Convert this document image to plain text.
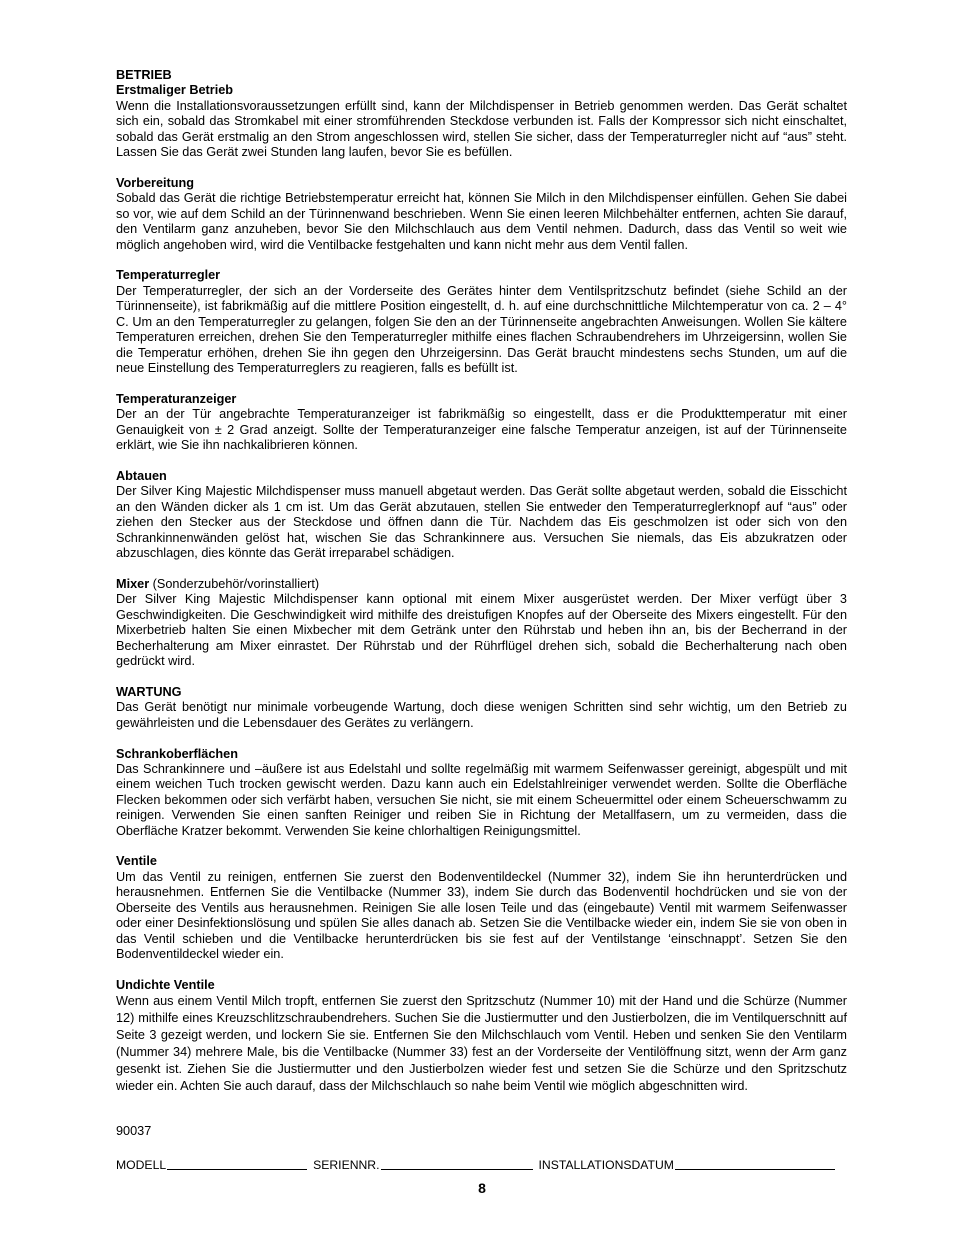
BETRIEB
Erstmaliger Betrieb

Wenn die Installationsvoraussetzungen erfüllt sind, kann der Milchdispenser in Betrieb genommen werden. Das Gerät schaltet sich ein, sobald das Stromkabel mit einer stromführenden Steckdose verbunden ist. Falls der Kompressor sich nicht einschaltet, sobald das Gerät erstmalig an den Strom angeschlossen wird, stellen Sie sicher, dass der Temperaturregler nicht auf “aus” steht. Lassen Sie das Gerät zwei Stunden lang laufen, bevor Sie es befüllen.

Vorbereitung

Sobald das Gerät die richtige Betriebstemperatur erreicht hat, können Sie Milch in den Milchdispenser einfüllen. Gehen Sie dabei so vor, wie auf dem Schild an der Türinnenwand beschrieben. Wenn Sie einen leeren Milchbehälter entfernen, achten Sie darauf, den Ventilarm ganz anzuheben, bevor Sie den Milchschlauch aus dem Ventil nehmen. Dadurch, dass das Ventil so weit wie möglich angehoben wird, wird die Ventilbacke festgehalten und kann nicht mehr aus dem Ventil fallen.

Temperaturregler

Der Temperaturregler, der sich an der Vorderseite des Gerätes hinter dem Ventilspritzschutz befindet (siehe Schild an der Türinnenseite), ist fabrikmäßig auf die mittlere Position eingestellt, d. h. auf eine durchschnittliche Milchtemperatur von ca. 2 – 4° C. Um an den Temperaturregler zu gelangen, folgen Sie den an der Türinnenseite angebrachten Anweisungen. Wollen Sie kältere Temperaturen erreichen, drehen Sie den Temperaturregler mithilfe eines flachen Schraubendrehers im Uhrzeigersinn, wollen Sie die Temperatur erhöhen, drehen Sie ihn gegen den Uhrzeigersinn. Das Gerät braucht mindestens sechs Stunden, um auf die neue Einstellung des Temperaturreglers zu reagieren, falls es befüllt ist.

Temperaturanzeiger

Der an der Tür angebrachte Temperaturanzeiger ist fabrikmäßig so eingestellt, dass er die Produkttemperatur mit einer Genauigkeit von ± 2 Grad anzeigt. Sollte der Temperaturanzeiger eine falsche Temperatur anzeigen, ist auf der Türinnenseite erklärt, wie Sie ihn nachkalibrieren können.

Abtauen

Der Silver King Majestic Milchdispenser muss manuell abgetaut werden. Das Gerät sollte abgetaut werden, sobald die Eisschicht an den Wänden dicker als 1 cm ist. Um das Gerät abzutauen, stellen Sie entweder den Temperaturreglerknopf auf “aus” oder ziehen den Stecker aus der Steckdose und öffnen dann die Tür. Nachdem das Eis geschmolzen ist oder sich von den Schrankinnenwänden gelöst hat, wischen Sie das Schrankinnere aus. Versuchen Sie niemals, das Eis abzukratzen oder abzuschlagen, dies könnte das Gerät irreparabel schädigen.

Mixer (Sonderzubehör/vorinstalliert)

Der Silver King Majestic Milchdispenser kann optional mit einem Mixer ausgerüstet werden. Der Mixer verfügt über 3 Geschwindigkeiten. Die Geschwindigkeit wird mithilfe des dreistufigen Knopfes auf der Oberseite des Mixers eingestellt. Für den Mixerbetrieb halten Sie einen Mixbecher mit dem Getränk unter den Rührstab und heben ihn an, bis der Becherrand in der Becherhalterung am Mixer einrastet. Der Rührstab und der Rührflügel drehen sich, sobald die Becherhalterung nach oben gedrückt wird.

WARTUNG

Das Gerät benötigt nur minimale vorbeugende Wartung, doch diese wenigen Schritten sind sehr wichtig, um den Betrieb zu gewährleisten und die Lebensdauer des Gerätes zu verlängern.

Schrankoberflächen

Das Schrankinnere und –äußere ist aus Edelstahl und sollte regelmäßig mit warmem Seifenwasser gereinigt, abgespült und mit einem weichen Tuch trocken gewischt werden. Dazu kann auch ein Edelstahlreiniger verwendet werden. Sollte die Oberfläche Flecken bekommen oder sich verfärbt haben, versuchen Sie nicht, sie mit einem Scheuermittel oder einem Scheuerschwamm zu reinigen. Verwenden Sie einen sanften Reiniger und reiben Sie in Richtung der Metallfasern, um zu vermeiden, dass die Oberfläche Kratzer bekommt. Verwenden Sie keine chlorhaltigen Reinigungsmittel.

Ventile

Um das Ventil zu reinigen, entfernen Sie zuerst den Bodenventildeckel (Nummer 32), indem Sie ihn herunterdrücken und herausnehmen. Entfernen Sie die Ventilbacke (Nummer 33), indem Sie durch das Bodenventil hochdrücken und sie von der Oberseite des Ventils aus herausnehmen. Reinigen Sie alle losen Teile und das (eingebaute) Ventil mit warmem Seifenwasser oder einer Desinfektionslösung und spülen Sie alles danach ab. Setzen Sie die Ventilbacke wieder ein, indem Sie sie von oben in das Ventil schieben und die Ventilbacke herunterdrücken bis sie fest auf der Ventilstange ‘einschnappt’. Setzen Sie den Bodenventildeckel wieder ein.

Undichte Ventile

Wenn aus einem Ventil Milch tropft, entfernen Sie zuerst den Spritzschutz (Nummer 10) mit der Hand und die Schürze (Nummer 12) mithilfe eines Kreuzschlitzschraubendrehers. Suchen Sie die Justiermutter und den Justierbolzen, die im Ventilquerschnitt auf Seite 3 gezeigt werden, und lockern Sie sie. Entfernen Sie den Milchschlauch vom Ventil. Heben und senken Sie den Ventilarm (Nummer 34) mehrere Male, bis die Ventilbacke (Nummer 33) fest an der Vorderseite der Ventilöffnung sitzt, wenn der Arm ganz gesenkt ist. Ziehen Sie die Justiermutter und den Justierbolzen wieder fest und setzen Sie die Schürze und den Spritzschutz wieder ein. Achten Sie auch darauf, dass der Milchschlauch so nahe beim Ventil wie möglich abgeschnitten wird.

90037
MODELL	SERIENNR.	INSTALLATIONSDATUM
8
